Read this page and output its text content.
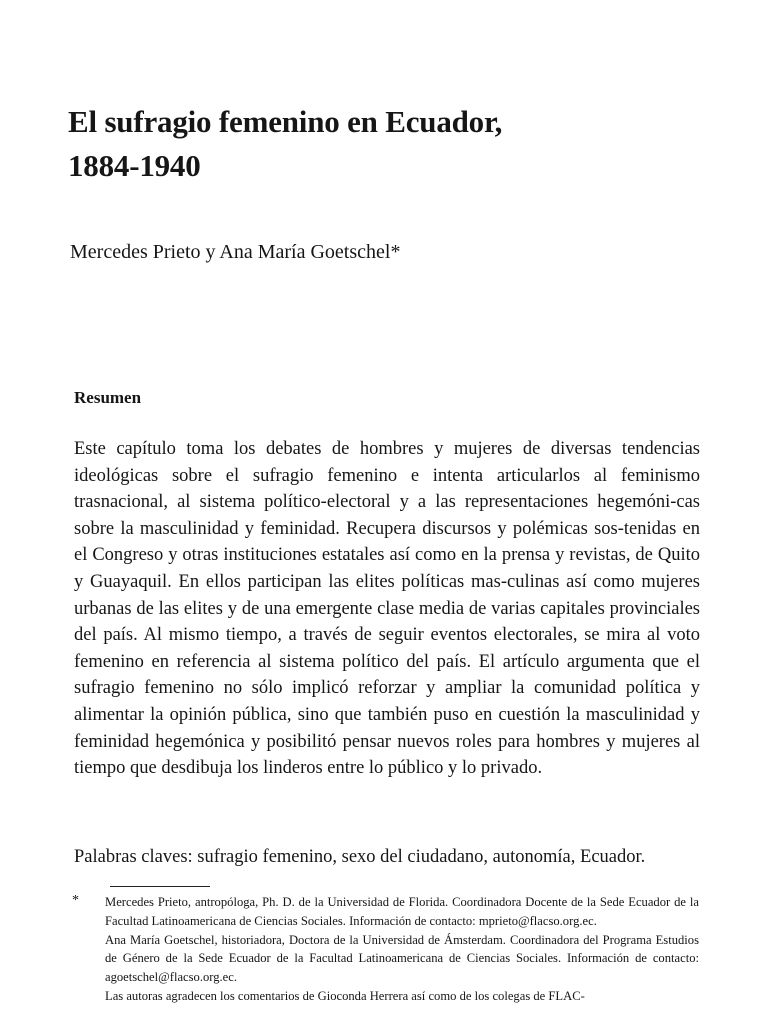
El sufragio femenino en Ecuador,
1884-1940

Mercedes Prieto y Ana María Goetschel*

Resumen

Este capítulo toma los debates de hombres y mujeres de diversas tendencias ideológicas sobre el sufragio femenino e intenta articularlos al feminismo trasnacional, al sistema político-electoral y a las representaciones hegemóni-cas sobre la masculinidad y feminidad. Recupera discursos y polémicas sos-tenidas en el Congreso y otras instituciones estatales así como en la prensa y revistas, de Quito y Guayaquil. En ellos participan las elites políticas mas-culinas así como mujeres urbanas de las elites y de una emergente clase media de varias capitales provinciales del país. Al mismo tiempo, a través de seguir eventos electorales, se mira al voto femenino en referencia al sistema político del país. El artículo argumenta que el sufragio femenino no sólo implicó reforzar y ampliar la comunidad política y alimentar la opinión pública, sino que también puso en cuestión la masculinidad y feminidad hegemónica y posibilitó pensar nuevos roles para hombres y mujeres al tiempo que desdibuja los linderos entre lo público y lo privado.

Palabras claves: sufragio femenino, sexo del ciudadano, autonomía, Ecuador.

* Mercedes Prieto, antropóloga, Ph. D. de la Universidad de Florida. Coordinadora Docente de la Sede Ecuador de la Facultad Latinoamericana de Ciencias Sociales. Información de contacto: mprieto@flacso.org.ec.

Ana María Goetschel, historiadora, Doctora de la Universidad de Ámsterdam. Coordinadora del Programa Estudios de Género de la Sede Ecuador de la Facultad Latinoamericana de Ciencias Sociales. Información de contacto: agoetschel@flacso.org.ec.

Las autoras agradecen los comentarios de Gioconda Herrera así como de los colegas de FLAC-
